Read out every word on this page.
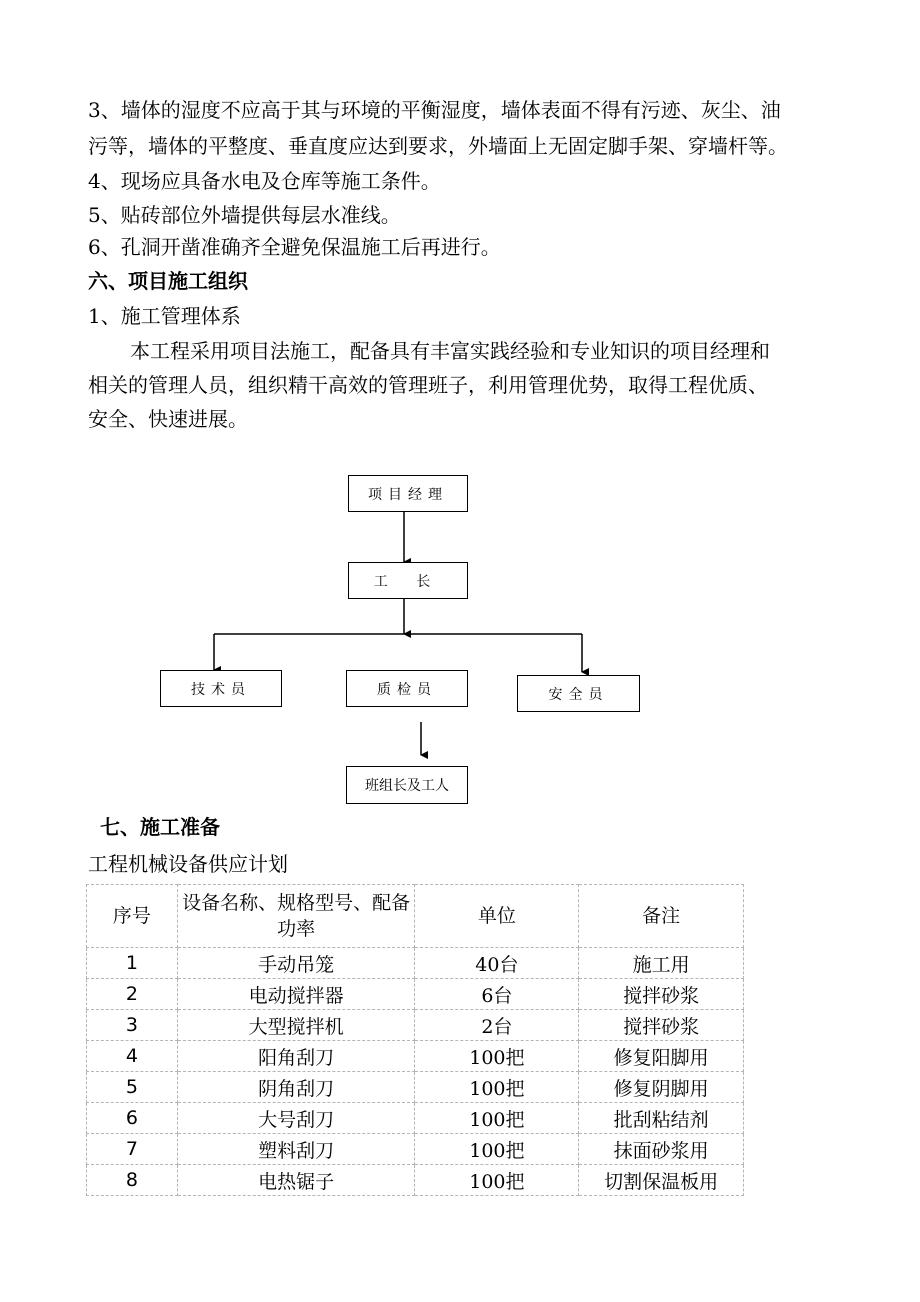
3、墙体的湿度不应高于其与环境的平衡湿度，墙体表面不得有污迹、灰尘、油
污等，墙体的平整度、垂直度应达到要求，外墙面上无固定脚手架、穿墙杆等。
4、现场应具备水电及仓库等施工条件。
5、贴砖部位外墙提供每层水准线。
6、孔洞开凿准确齐全避免保温施工后再进行。
六、项目施工组织
1、施工管理体系
本工程采用项目法施工，配备具有丰富实践经验和专业知识的项目经理和
相关的管理人员，组织精干高效的管理班子，利用管理优势，取得工程优质、
安全、快速进展。
项目经理
工 长
技术员	质检员	安全员
班组长及工人
七、施工准备
工程机械设备供应计划
序号	设备名称、规格型号、配备功率	单位	备注
1	手动吊笼	40台	施工用
2	电动搅拌器	6台	搅拌砂浆
3	大型搅拌机	2台	搅拌砂浆
4	阳角刮刀	100把	修复阳脚用
5	阴角刮刀	100把	修复阴脚用
6	大号刮刀	100把	批刮粘结剂
7	塑料刮刀	100把	抹面砂浆用
8	电热锯子	100把	切割保温板用
